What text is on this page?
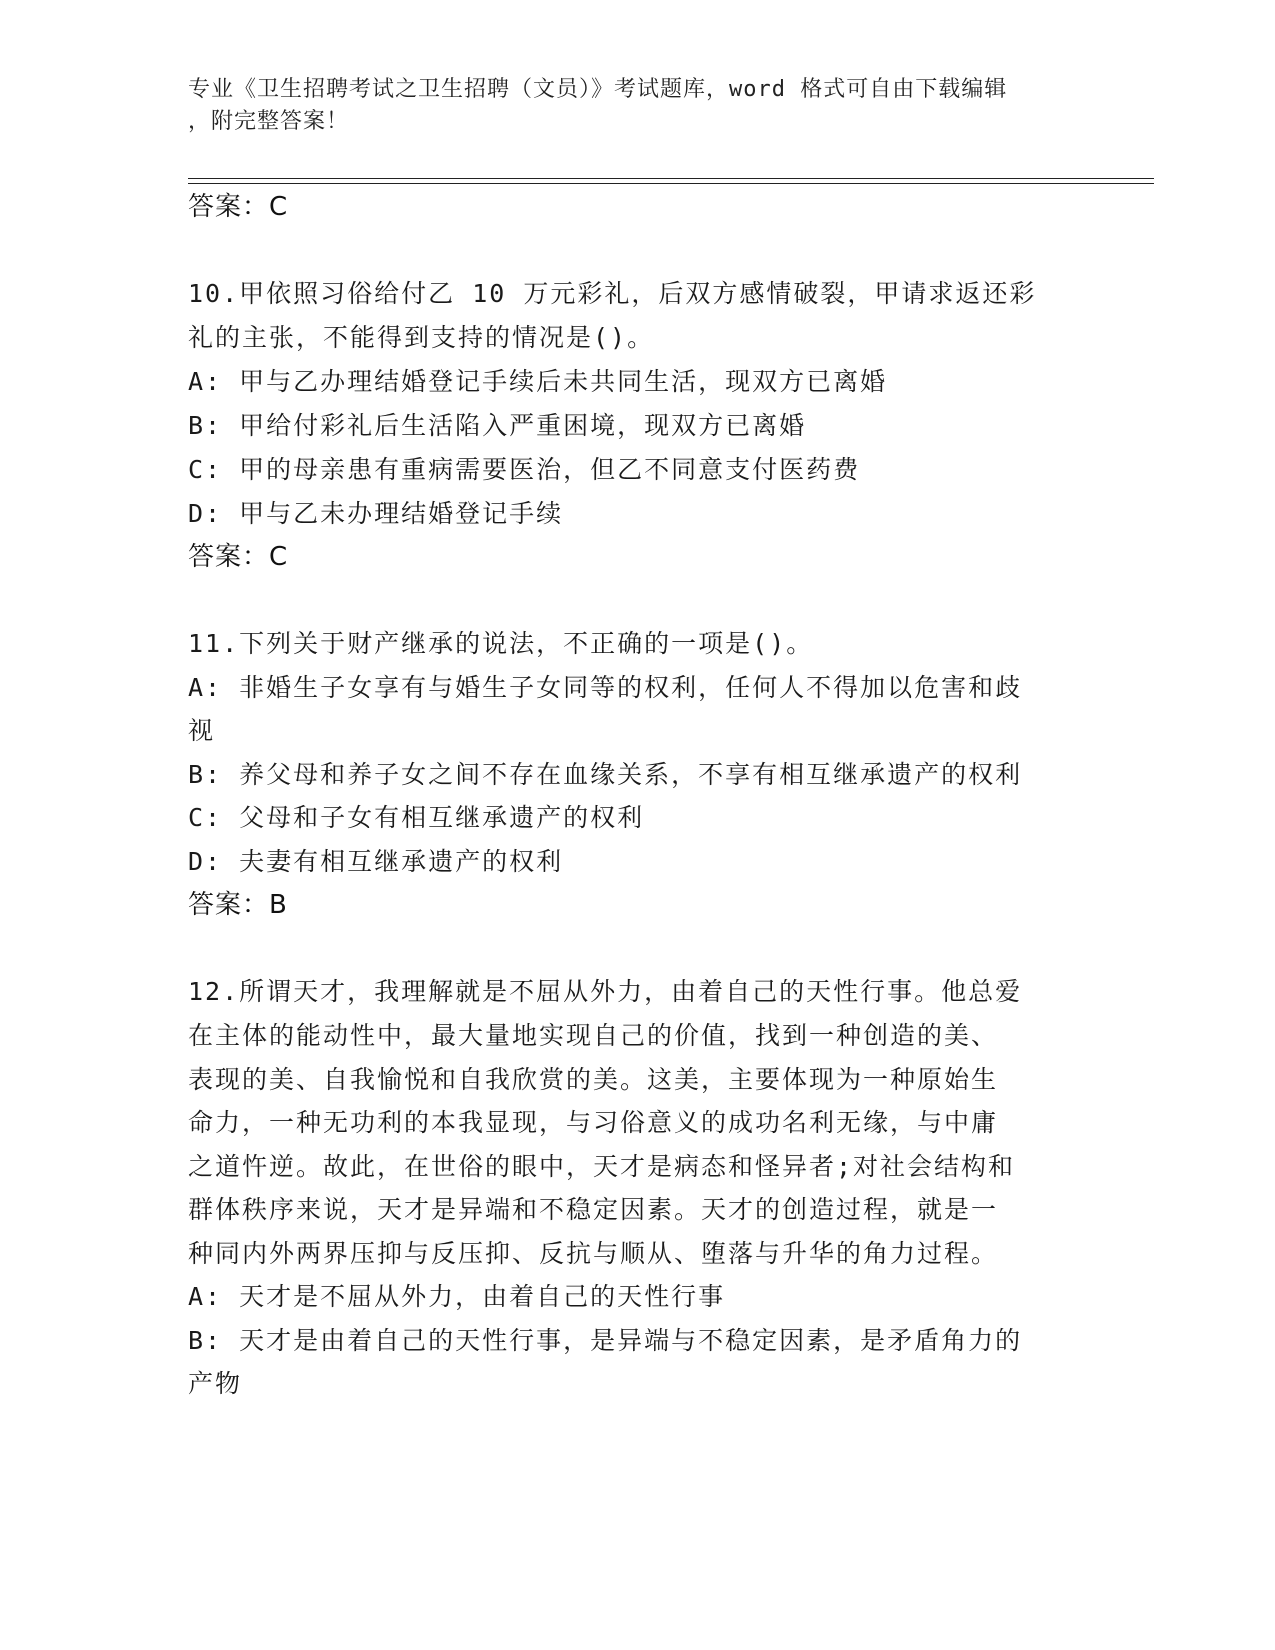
专业《卫生招聘考试之卫生招聘（文员）》考试题库，word 格式可自由下载编辑
，附完整答案！
答案：C
10.甲依照习俗给付乙 10 万元彩礼，后双方感情破裂，甲请求返还彩
礼的主张，不能得到支持的情况是()。
A: 甲与乙办理结婚登记手续后未共同生活，现双方已离婚
B: 甲给付彩礼后生活陷入严重困境，现双方已离婚
C: 甲的母亲患有重病需要医治，但乙不同意支付医药费
D: 甲与乙未办理结婚登记手续
答案：C
11.下列关于财产继承的说法，不正确的一项是()。
A: 非婚生子女享有与婚生子女同等的权利，任何人不得加以危害和歧
视
B: 养父母和养子女之间不存在血缘关系，不享有相互继承遗产的权利
C: 父母和子女有相互继承遗产的权利
D: 夫妻有相互继承遗产的权利
答案：B
12.所谓天才，我理解就是不屈从外力，由着自己的天性行事。他总爱
在主体的能动性中，最大量地实现自己的价值，找到一种创造的美、
表现的美、自我愉悦和自我欣赏的美。这美，主要体现为一种原始生
命力，一种无功利的本我显现，与习俗意义的成功名利无缘，与中庸
之道忤逆。故此，在世俗的眼中，天才是病态和怪异者;对社会结构和
群体秩序来说，天才是异端和不稳定因素。天才的创造过程，就是一
种同内外两界压抑与反压抑、反抗与顺从、堕落与升华的角力过程。
A: 天才是不屈从外力，由着自己的天性行事
B: 天才是由着自己的天性行事，是异端与不稳定因素，是矛盾角力的
产物
